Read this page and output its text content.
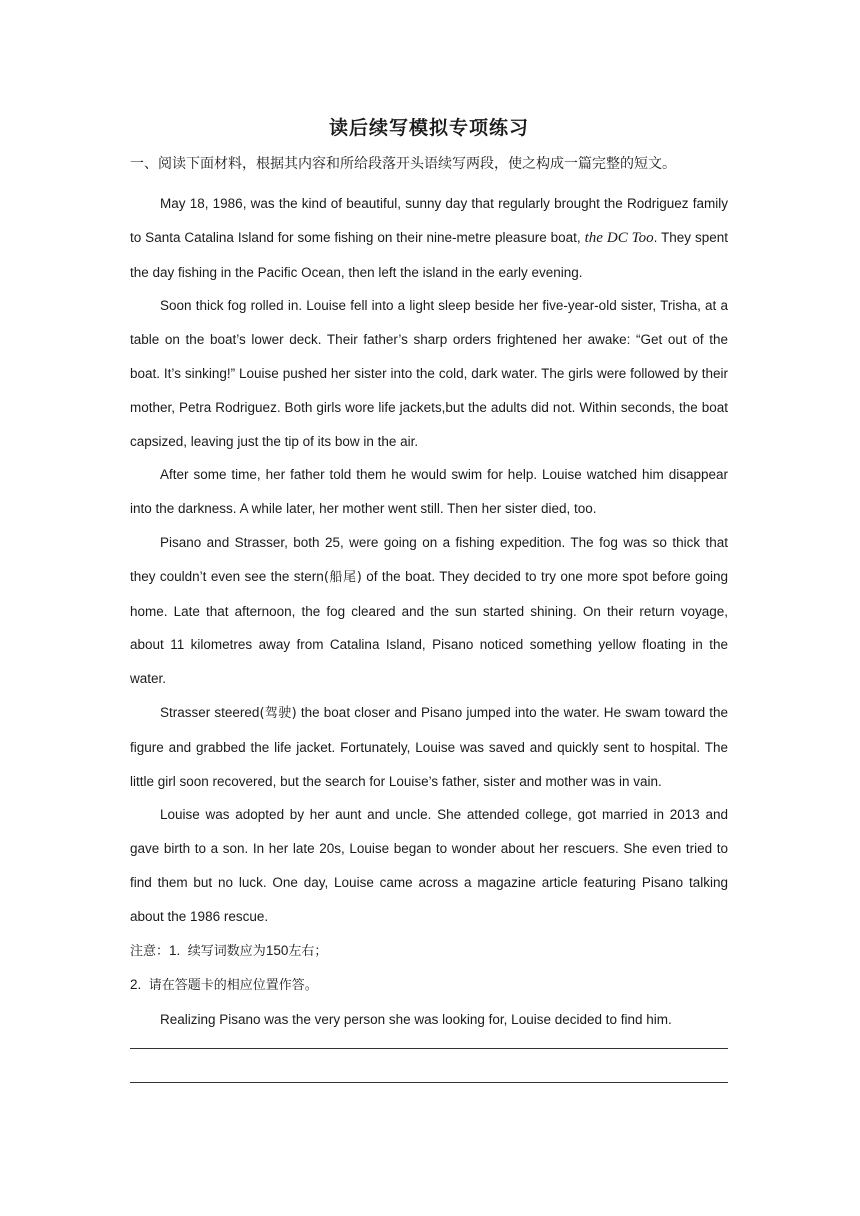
读后续写模拟专项练习
一、阅读下面材料，根据其内容和所给段落开头语续写两段，使之构成一篇完整的短文。

May 18, 1986, was the kind of beautiful, sunny day that regularly brought the Rodriguez family to Santa Catalina Island for some fishing on their nine-metre pleasure boat, the DC Too. They spent the day fishing in the Pacific Ocean, then left the island in the early evening.

Soon thick fog rolled in. Louise fell into a light sleep beside her five-year-old sister, Trisha, at a table on the boat’s lower deck. Their father’s sharp orders frightened her awake: “Get out of the boat. It’s sinking!” Louise pushed her sister into the cold, dark water. The girls were followed by their mother, Petra Rodriguez. Both girls wore life jackets,but the adults did not. Within seconds, the boat capsized, leaving just the tip of its bow in the air.

After some time, her father told them he would swim for help. Louise watched him disappear into the darkness. A while later, her mother went still. Then her sister died, too.

Pisano and Strasser, both 25, were going on a fishing expedition. The fog was so thick that they couldn’t even see the stern(船尾) of the boat. They decided to try one more spot before going home. Late that afternoon, the fog cleared and the sun started shining. On their return voyage, about 11 kilometres away from Catalina Island, Pisano noticed something yellow floating in the water.

Strasser steered(驾驶) the boat closer and Pisano jumped into the water. He swam toward the figure and grabbed the life jacket. Fortunately, Louise was saved and quickly sent to hospital. The little girl soon recovered, but the search for Louise’s father, sister and mother was in vain.

Louise was adopted by her aunt and uncle. She attended college, got married in 2013 and gave birth to a son. In her late 20s, Louise began to wonder about her rescuers. She even tried to find them but no luck. One day, Louise came across a magazine article featuring Pisano talking about the 1986 rescue.

注意：1. 续写词数应为150左右；

2. 请在答题卡的相应位置作答。

Realizing Pisano was the very person she was looking for, Louise decided to find him.
